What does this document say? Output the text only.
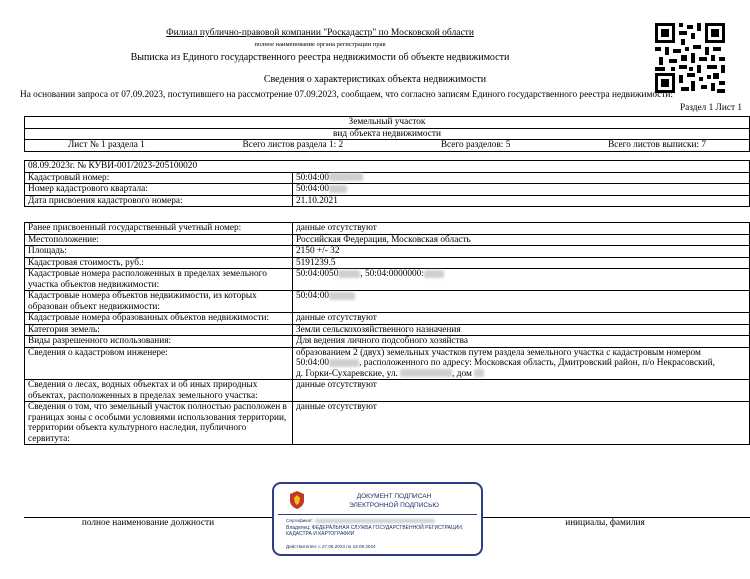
Филиал публично-правовой компании "Роскадастр" по Московской области
полное наименование органа регистрации прав
Выписка из Единого государственного реестра недвижимости об объекте недвижимости
Сведения о характеристиках объекта недвижимости
На основании запроса от 07.09.2023, поступившего на рассмотрение 07.09.2023, сообщаем, что согласно записям Единого государственного реестра недвижимости:
Раздел 1 Лист 1
Земельный участок
вид объекта недвижимости

Лист № 1 раздела 1	Всего листов раздела 1: 2	Всего разделов: 5	Всего листов выписки: 7
08.09.2023г. № КУВИ-001/2023-205100020	
Кадастровый номер:	50:04:00
Номер кадастрового квартала:	50:04:00
Дата присвоения кадастрового номера:	21.10.2021
Ранее присвоенный государственный учетный номер:	данные отсутствуют
Местоположение:	Российская Федерация, Московская область
Площадь:	2150 +/- 32
Кадастровая стоимость, руб.:	5191239.5
Кадастровые номера расположенных в пределах земельного участка объектов недвижимости:	50:04:0050 , 50:04:0000000:
Кадастровые номера объектов недвижимости, из которых образован объект недвижимости:	50:04:00
Кадастровые номера образованных объектов недвижимости:	данные отсутствуют
Категория земель:	Земли сельскохозяйственного назначения
Виды разрешенного использования:	Для ведения личного подсобного хозяйства
Сведения о кадастровом инженере:	образованием 2 (двух) земельных участков путем раздела земельного участка с кадастровым номером
50:04:00 , расположенного по адресу: Московская область, Дмитровский район, п/о Некрасовский,
д. Горки-Сухаревские, ул. , дом

Сведения о лесах, водных объектах и об иных природных объектах, расположенных в пределах земельного участка:	данные отсутствуют
Сведения о том, что земельный участок полностью расположен в границах зоны с особыми условиями использования территории, территории объекта культурного наследия, публичного сервитута:	данные отсутствуют
полное наименование должности	инициалы, фамилия
ДОКУМЕНТ ПОДПИСАН
ЭЛЕКТРОННОЙ ПОДПИСЬЮ
Сертификат:
Владелец: ФЕДЕРАЛЬНАЯ СЛУЖБА ГОСУДАРСТВЕННОЙ РЕГИСТРАЦИИ, КАДАСТРА И КАРТОГРАФИИ
Действителен: с 27.06.2023 по 19.09.2024
